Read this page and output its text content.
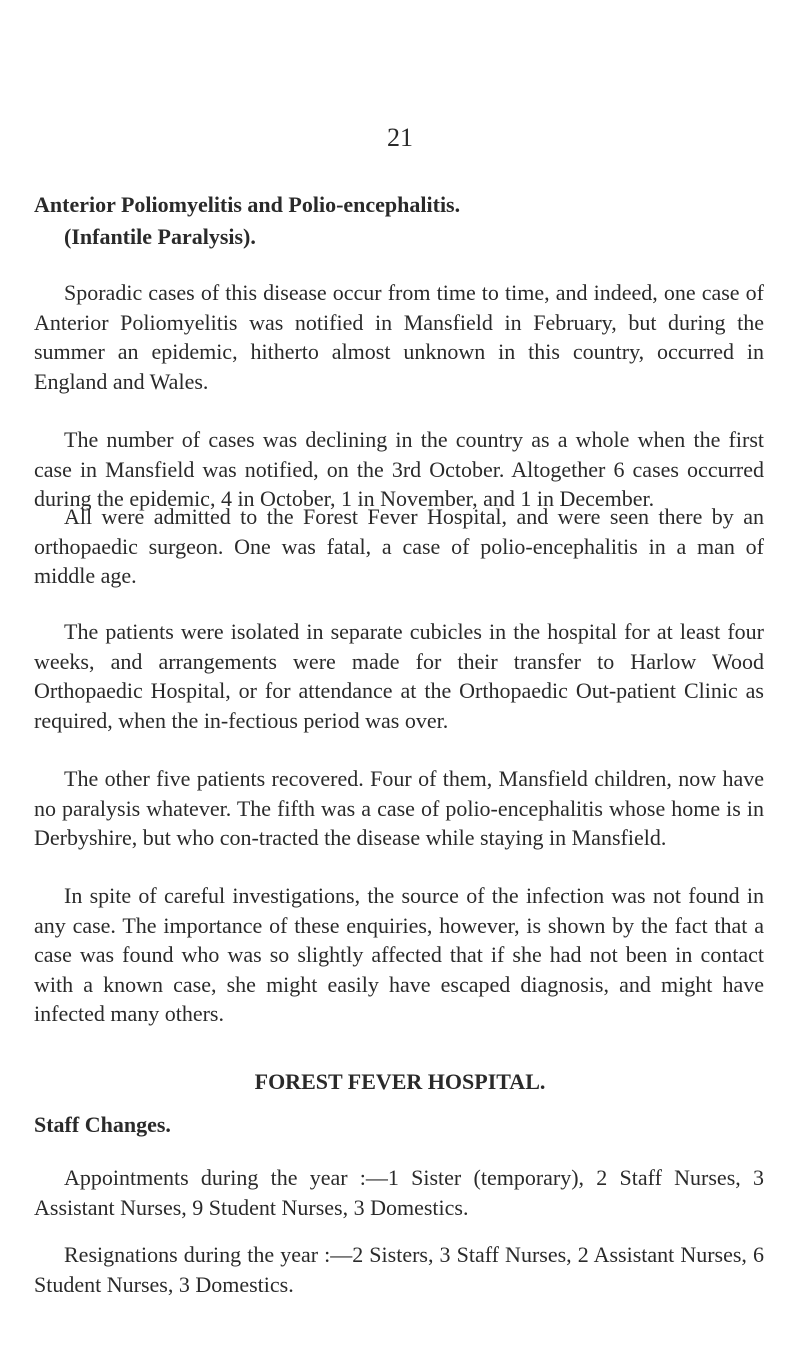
21
Anterior Poliomyelitis and Polio-encephalitis.
(Infantile Paralysis).

Sporadic cases of this disease occur from time to time, and indeed, one case of Anterior Poliomyelitis was notified in Mansfield in February, but during the summer an epidemic, hitherto almost unknown in this country, occurred in England and Wales.

The number of cases was declining in the country as a whole when the first case in Mansfield was notified, on the 3rd October. Altogether 6 cases occurred during the epidemic, 4 in October, 1 in November, and 1 in December.

All were admitted to the Forest Fever Hospital, and were seen there by an orthopaedic surgeon. One was fatal, a case of polio-encephalitis in a man of middle age.

The patients were isolated in separate cubicles in the hospital for at least four weeks, and arrangements were made for their transfer to Harlow Wood Orthopaedic Hospital, or for attendance at the Orthopaedic Out-patient Clinic as required, when the in-fectious period was over.

The other five patients recovered. Four of them, Mansfield children, now have no paralysis whatever. The fifth was a case of polio-encephalitis whose home is in Derbyshire, but who con-tracted the disease while staying in Mansfield.

In spite of careful investigations, the source of the infection was not found in any case. The importance of these enquiries, however, is shown by the fact that a case was found who was so slightly affected that if she had not been in contact with a known case, she might easily have escaped diagnosis, and might have infected many others.

FOREST FEVER HOSPITAL.
Staff Changes.

Appointments during the year :—1 Sister (temporary), 2 Staff Nurses, 3 Assistant Nurses, 9 Student Nurses, 3 Domestics.

Resignations during the year :—2 Sisters, 3 Staff Nurses, 2 Assistant Nurses, 6 Student Nurses, 3 Domestics.
